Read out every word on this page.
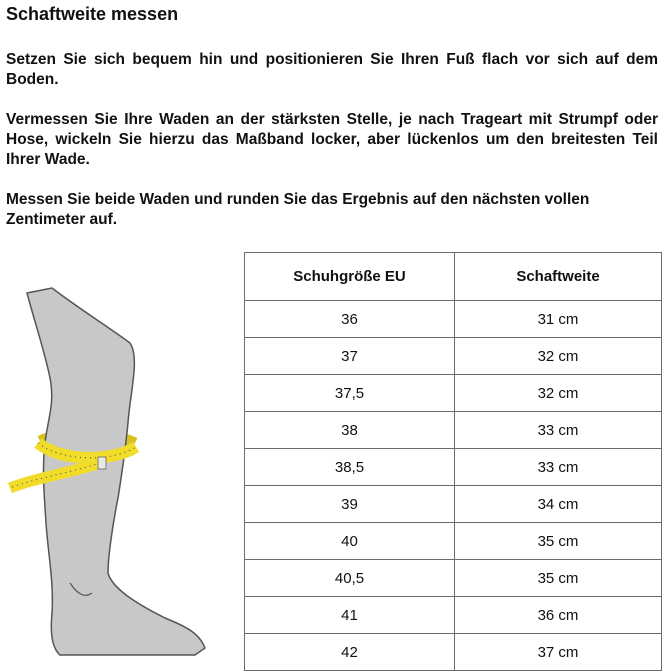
Schaftweite messen

Setzen Sie sich bequem hin und positionieren Sie Ihren Fuß flach vor sich auf dem Boden.

Vermessen Sie Ihre Waden an der stärksten Stelle, je nach Trageart mit Strumpf oder Hose, wickeln Sie hierzu das Maßband locker, aber lückenlos um den breitesten Teil Ihrer Wade.

Messen Sie beide Waden und runden Sie das Ergebnis auf den nächsten vollen Zentimeter auf.

Schuhgröße EU	Schaftweite
36	31 cm
37	32 cm
37,5	32 cm
38	33 cm
38,5	33 cm
39	34 cm
40	35 cm
40,5	35 cm
41	36 cm
42	37 cm
